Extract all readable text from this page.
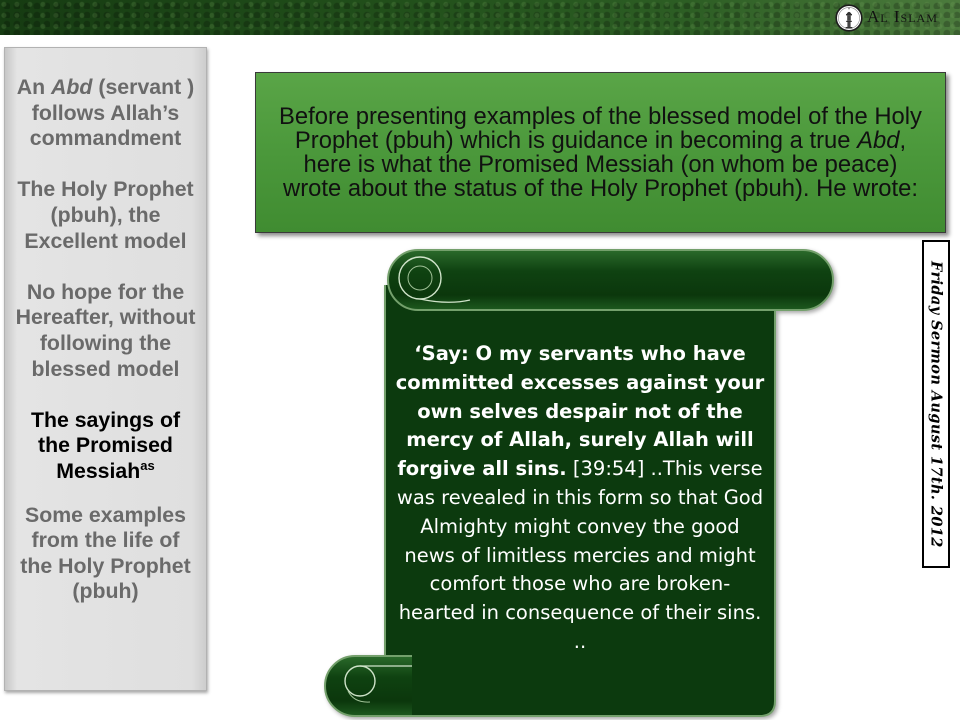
Al Islam
An Abd (servant )
follows Allah’s
commandment
The Holy Prophet
(pbuh), the
Excellent model
No hope for the
Hereafter, without
following the
blessed model
The sayings of
the Promised
Messiah$^{as}$
Some examples
from the life of
the Holy Prophet
(pbuh)
Before presenting examples of the blessed model of the Holy
Prophet (pbuh) which is guidance in becoming a true Abd,
here is what the Promised Messiah (on whom be peace)
wrote about the status of the Holy Prophet (pbuh). He wrote:
Friday Sermon August 17th. 2012
‘Say: O my servants who have
committed excesses against your
own selves despair not of the
mercy of Allah, surely Allah will
forgive all sins. [39:54] ..This verse
was revealed in this form so that God
Almighty might convey the good
news of limitless mercies and might
comfort those who are broken-
hearted in consequence of their sins.
..
